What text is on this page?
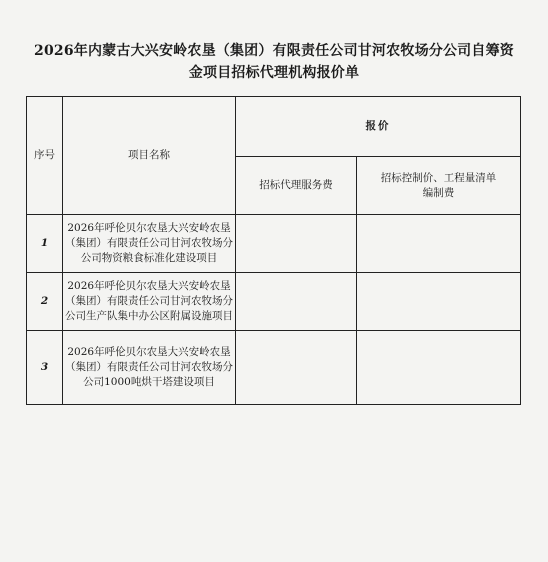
2026年内蒙古大兴安岭农垦（集团）有限责任公司甘河农牧场分公司自筹资
金项目招标代理机构报价单
序号	项目名称	报价	
		招标代理服务费	招标控制价、工程量清单
编制费

1	2026年呼伦贝尔农垦大兴安岭农垦
（集团）有限责任公司甘河农牧场分
公司物资粮食标准化建设项目		

2	2026年呼伦贝尔农垦大兴安岭农垦
（集团）有限责任公司甘河农牧场分
公司生产队集中办公区附属设施项目		

3	2026年呼伦贝尔农垦大兴安岭农垦
（集团）有限责任公司甘河农牧场分
公司1000吨烘干塔建设项目		
